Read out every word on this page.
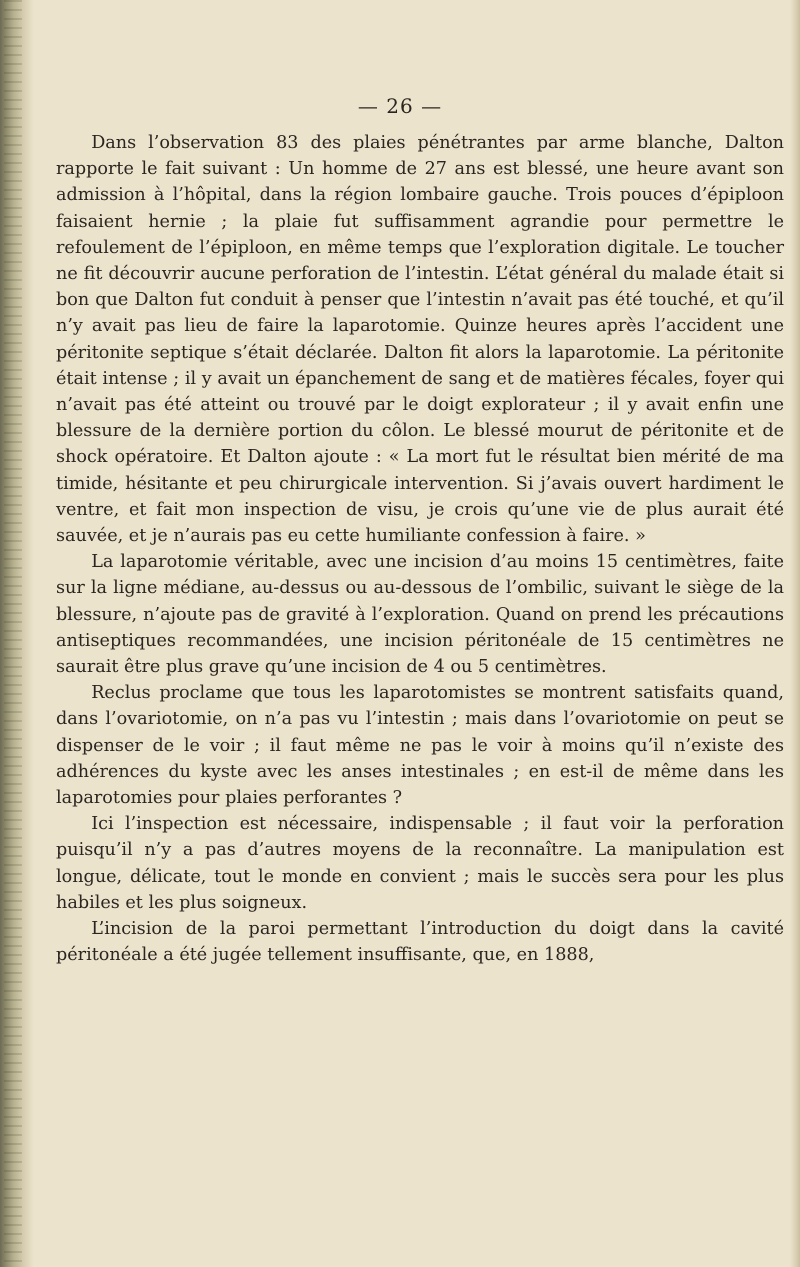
— 26 —

Dans l’observation 83 des plaies pénétrantes par arme blanche, Dalton rapporte le fait suivant : Un homme de 27 ans est blessé, une heure avant son admission à l’hôpital, dans la région lombaire gauche. Trois pouces d’épiploon faisaient hernie ; la plaie fut suffisamment agrandie pour permettre le refoulement de l’épiploon, en même temps que l’exploration digitale. Le toucher ne fit découvrir aucune perforation de l’intestin. L’état général du malade était si bon que Dalton fut conduit à penser que l’intestin n’avait pas été touché, et qu’il n’y avait pas lieu de faire la laparotomie. Quinze heures après l’accident une péritonite septique s’était déclarée. Dalton fit alors la laparotomie. La péritonite était intense ; il y avait un épanchement de sang et de matières fécales, foyer qui n’avait pas été atteint ou trouvé par le doigt explorateur ; il y avait enfin une blessure de la dernière portion du côlon. Le blessé mourut de péritonite et de shock opératoire. Et Dalton ajoute : « La mort fut le résultat bien mérité de ma timide, hésitante et peu chirurgicale intervention. Si j’avais ouvert hardiment le ventre, et fait mon inspection de visu, je crois qu’une vie de plus aurait été sauvée, et je n’aurais pas eu cette humiliante confession à faire. »

La laparotomie véritable, avec une incision d’au moins 15 centimètres, faite sur la ligne médiane, au-dessus ou au-dessous de l’ombilic, suivant le siège de la blessure, n’ajoute pas de gravité à l’exploration. Quand on prend les précautions antiseptiques recommandées, une incision péritonéale de 15 centimètres ne saurait être plus grave qu’une incision de 4 ou 5 centimètres.

Reclus proclame que tous les laparotomistes se montrent satisfaits quand, dans l’ovariotomie, on n’a pas vu l’intestin ; mais dans l’ovariotomie on peut se dispenser de le voir ; il faut même ne pas le voir à moins qu’il n’existe des adhérences du kyste avec les anses intestinales ; en est-il de même dans les laparotomies pour plaies perforantes ?

Ici l’inspection est nécessaire, indispensable ; il faut voir la perforation puisqu’il n’y a pas d’autres moyens de la reconnaître. La manipulation est longue, délicate, tout le monde en convient ; mais le succès sera pour les plus habiles et les plus soigneux.

L’incision de la paroi permettant l’introduction du doigt dans la cavité péritonéale a été jugée tellement insuffisante, que, en 1888,
